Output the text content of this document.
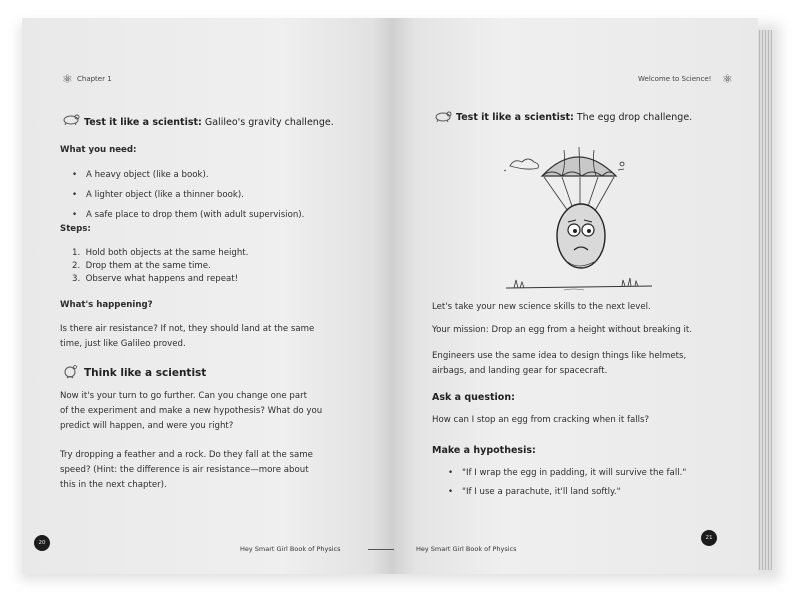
⚛ Chapter 1
Test it like a scientist: Galileo's gravity challenge.
What you need:
• A heavy object (like a book).
• A lighter object (like a thinner book).
• A safe place to drop them (with adult supervision).
Steps:
1.  Hold both objects at the same height.
2.  Drop them at the same time.
3.  Observe what happens and repeat!
What's happening?
Is there air resistance? If not, they should land at the same
time, just like Galileo proved.
Think like a scientist
Now it's your turn to go further. Can you change one part
of the experiment and make a new hypothesis? What do you
predict will happen, and were you right?
Try dropping a feather and a rock. Do they fall at the same
speed? (Hint: the difference is air resistance—more about
this in the next chapter).
20
Hey Smart Girl Book of Physics
Welcome to Science! ⚛
Test it like a scientist: The egg drop challenge.
Let's take your new science skills to the next level.
Your mission: Drop an egg from a height without breaking it.
Engineers use the same idea to design things like helmets,
airbags, and landing gear for spacecraft.
Ask a question:
How can I stop an egg from cracking when it falls?
Make a hypothesis:
• "If I wrap the egg in padding, it will survive the fall."
• "If I use a parachute, it'll land softly."
Hey Smart Girl Book of Physics
21
